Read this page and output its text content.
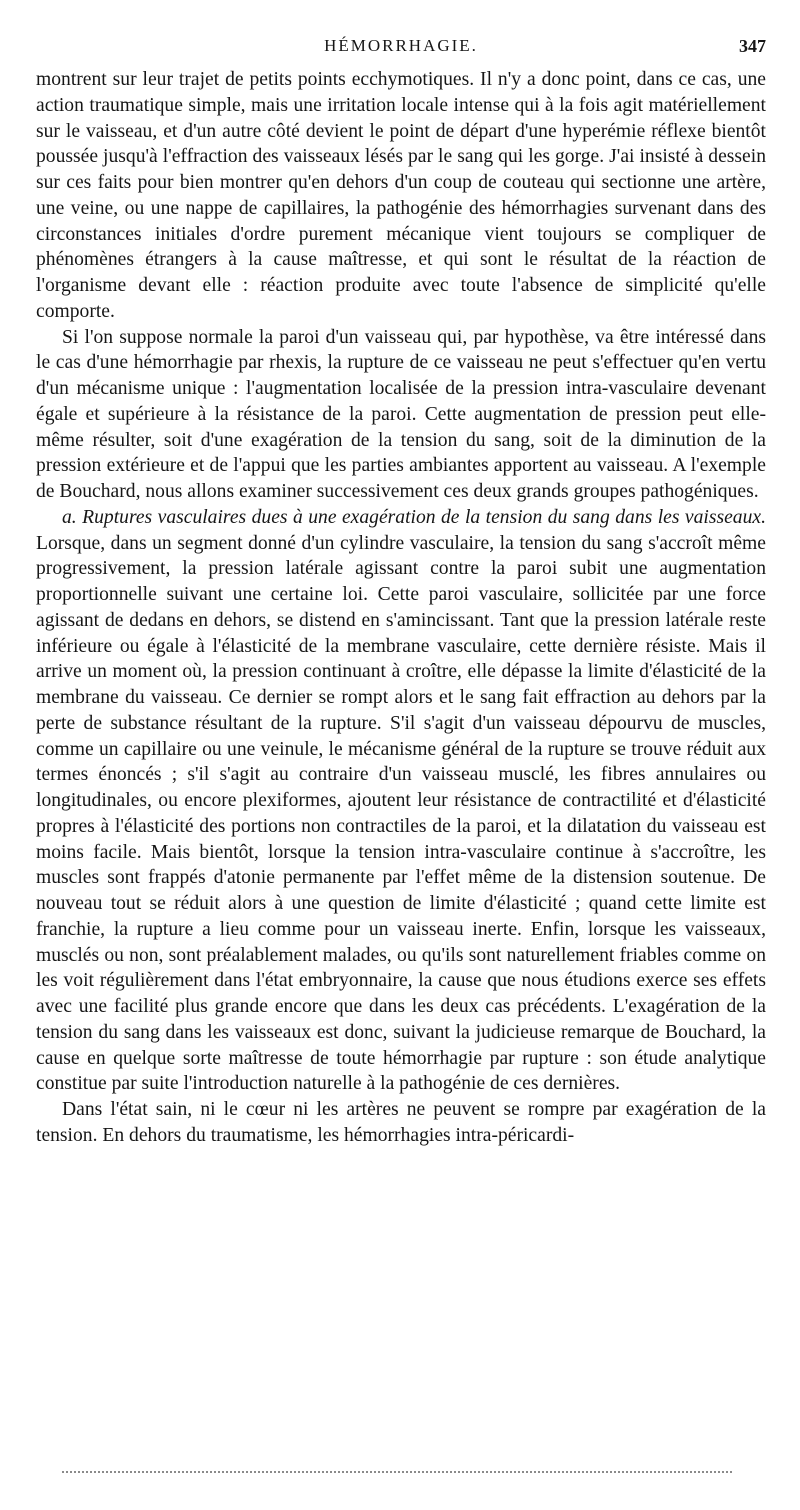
HÉMORRHAGIE.	347

montrent sur leur trajet de petits points ecchymotiques. Il n'y a donc point, dans ce cas, une action traumatique simple, mais une irritation locale intense qui à la fois agit matériellement sur le vaisseau, et d'un autre côté devient le point de départ d'une hyperémie réflexe bientôt poussée jusqu'à l'effraction des vaisseaux lésés par le sang qui les gorge. J'ai insisté à dessein sur ces faits pour bien montrer qu'en dehors d'un coup de couteau qui sectionne une artère, une veine, ou une nappe de capillaires, la pathogénie des hémorrhagies survenant dans des circonstances initiales d'ordre purement mécanique vient toujours se compliquer de phénomènes étrangers à la cause maîtresse, et qui sont le résultat de la réaction de l'organisme devant elle : réaction produite avec toute l'absence de simplicité qu'elle comporte.

Si l'on suppose normale la paroi d'un vaisseau qui, par hypothèse, va être intéressé dans le cas d'une hémorrhagie par rhexis, la rupture de ce vaisseau ne peut s'effectuer qu'en vertu d'un mécanisme unique : l'augmentation localisée de la pression intra-vasculaire devenant égale et supérieure à la résistance de la paroi. Cette augmentation de pression peut elle-même résulter, soit d'une exagération de la tension du sang, soit de la diminution de la pression extérieure et de l'appui que les parties ambiantes apportent au vaisseau. A l'exemple de Bouchard, nous allons examiner successivement ces deux grands groupes pathogéniques.

a. Ruptures vasculaires dues à une exagération de la tension du sang dans les vaisseaux. Lorsque, dans un segment donné d'un cylindre vasculaire, la tension du sang s'accroît même progressivement, la pression latérale agissant contre la paroi subit une augmentation proportionnelle suivant une certaine loi. Cette paroi vasculaire, sollicitée par une force agissant de dedans en dehors, se distend en s'amincissant. Tant que la pression latérale reste inférieure ou égale à l'élasticité de la membrane vasculaire, cette dernière résiste. Mais il arrive un moment où, la pression continuant à croître, elle dépasse la limite d'élasticité de la membrane du vaisseau. Ce dernier se rompt alors et le sang fait effraction au dehors par la perte de substance résultant de la rupture. S'il s'agit d'un vaisseau dépourvu de muscles, comme un capillaire ou une veinule, le mécanisme général de la rupture se trouve réduit aux termes énoncés ; s'il s'agit au contraire d'un vaisseau musclé, les fibres annulaires ou longitudinales, ou encore plexiformes, ajoutent leur résistance de contractilité et d'élasticité propres à l'élasticité des portions non contractiles de la paroi, et la dilatation du vaisseau est moins facile. Mais bientôt, lorsque la tension intra-vasculaire continue à s'accroître, les muscles sont frappés d'atonie permanente par l'effet même de la distension soutenue. De nouveau tout se réduit alors à une question de limite d'élasticité ; quand cette limite est franchie, la rupture a lieu comme pour un vaisseau inerte. Enfin, lorsque les vaisseaux, musclés ou non, sont préalablement malades, ou qu'ils sont naturellement friables comme on les voit régulièrement dans l'état embryonnaire, la cause que nous étudions exerce ses effets avec une facilité plus grande encore que dans les deux cas précédents. L'exagération de la tension du sang dans les vaisseaux est donc, suivant la judicieuse remarque de Bouchard, la cause en quelque sorte maîtresse de toute hémorrhagie par rupture : son étude analytique constitue par suite l'introduction naturelle à la pathogénie de ces dernières.

Dans l'état sain, ni le cœur ni les artères ne peuvent se rompre par exagération de la tension. En dehors du traumatisme, les hémorrhagies intra-péricardi-
